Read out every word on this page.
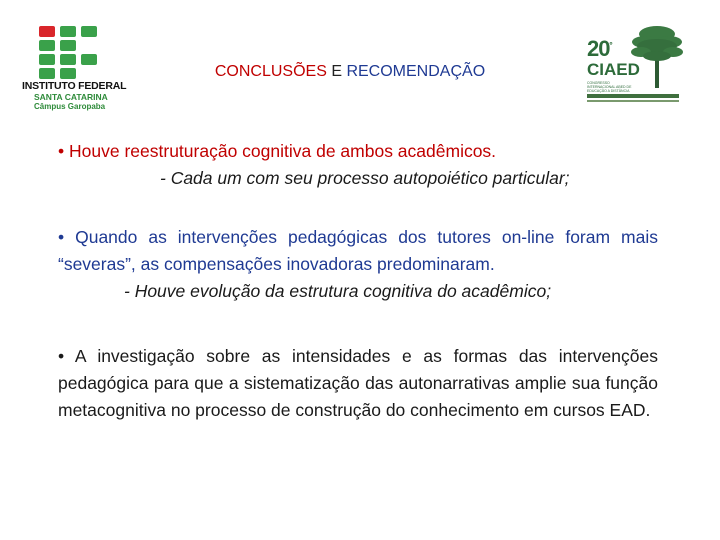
INSTITUTO FEDERAL
SANTA CATARINA
Câmpus Garopaba
CONCLUSÕES E RECOMENDAÇÃO
$20^º$
CIAED
CONGRESSO INTERNACIONAL ABED DE EDUCAÇÃO A DISTÂNCIA

• Houve reestruturação cognitiva de ambos acadêmicos.

- Cada um com seu processo autopoiético particular;

• Quando as intervenções pedagógicas dos tutores on-line foram mais “severas”, as compensações inovadoras predominaram.

- Houve evolução da estrutura cognitiva do acadêmico;

• A investigação sobre as intensidades e as formas das intervenções pedagógica para que a sistematização das autonarrativas amplie sua função metacognitiva no processo de construção do conhecimento em cursos EAD.
